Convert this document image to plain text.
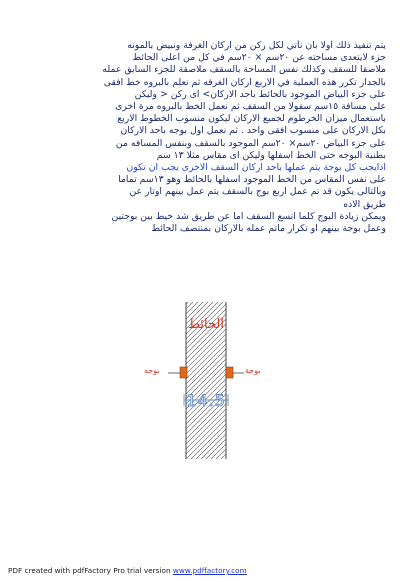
يتم تنفيذ ذلك اولا بان نأتي لكل ركن من اركان الغرفة ونبيض بالمونه
جزء لايتعدى مساحته عن ٢٠سم × ٢٠سم في كل من اعلى الحائط
ملاصقا للسقف وكذلك نفس المساحة بالسقف ملاصقة للجزء السابق عمله
بالجدار تكرر هذه العملية في الاربع اركان الغرفه ثم نعلم بالبروه خط افقى
على جزء البياض الموجود بالحائط باحد الاركان> اى ركن < وليكن
على مسافة ١٥سم سفولا من السقف ثم نعمل الخط بالبروه مرة اخرى
باستعمال ميزان الخرطوم لجميع الاركان ليكون منسوب الخطوط الاربع
بكل الاركان على منسوب افقى واحد . ثم نعمل اول بوجه باحد الاركان
على جزء البياض ٢٠سم× ٢٠سم الموجود بالسقف وبنفس المسافه من
بطنية البوجه حتى الخط اسفلها وليكن اى مقاس مثلا ١٣ سم
اذايجب كل بوجة يتم عملها باحد اركان السقف الاخرى يجب ان تكون
على نفس المقاس من الخط الموجود اسفلها بالحائط وهو ١٣سم تماما
وبالتالى يكون قد تم عمل اربع بوج بالسقف يتم عمل بينهم اوتار عن
طريق الاده
ويمكن زيادة البوج كلما اتسع السقف اما عن طريق شد خيط بين بوجتين
وعمل بوجة بينهم او تكرار ماتم عمله بالاركان بمنتصف الحائط
الحائط
بوجه	بوجة
14.5
PDF created with pdfFactory Pro trial version www.pdffactory.com
